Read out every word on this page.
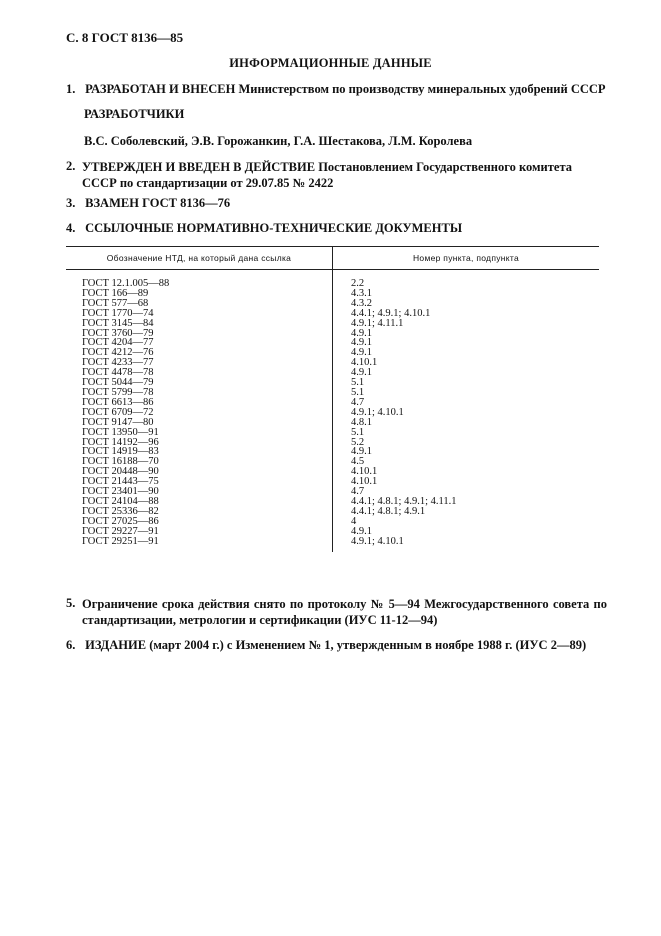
С. 8 ГОСТ 8136—85
ИНФОРМАЦИОННЫЕ ДАННЫЕ
1. РАЗРАБОТАН И ВНЕСЕН Министерством по производству минеральных удобрений СССР
РАЗРАБОТЧИКИ
В.С. Соболевский, Э.В. Горожанкин, Г.А. Шестакова, Л.М. Королева
2. УТВЕРЖДЕН И ВВЕДЕН В ДЕЙСТВИЕ Постановлением Государственного комитета СССР по стандартизации от 29.07.85 № 2422
3. ВЗАМЕН ГОСТ 8136—76
4. ССЫЛОЧНЫЕ НОРМАТИВНО-ТЕХНИЧЕСКИЕ ДОКУМЕНТЫ
Обозначение НТД, на который дана ссылка	Номер пункта, подпункта
ГОСТ 12.1.005—88	2.2
ГОСТ 166—89	4.3.1
ГОСТ 577—68	4.3.2
ГОСТ 1770—74	4.4.1; 4.9.1; 4.10.1
ГОСТ 3145—84	4.9.1; 4.11.1
ГОСТ 3760—79	4.9.1
ГОСТ 4204—77	4.9.1
ГОСТ 4212—76	4.9.1
ГОСТ 4233—77	4.10.1
ГОСТ 4478—78	4.9.1
ГОСТ 5044—79	5.1
ГОСТ 5799—78	5.1
ГОСТ 6613—86	4.7
ГОСТ 6709—72	4.9.1; 4.10.1
ГОСТ 9147—80	4.8.1
ГОСТ 13950—91	5.1
ГОСТ 14192—96	5.2
ГОСТ 14919—83	4.9.1
ГОСТ 16188—70	4.5
ГОСТ 20448—90	4.10.1
ГОСТ 21443—75	4.10.1
ГОСТ 23401—90	4.7
ГОСТ 24104—88	4.4.1; 4.8.1; 4.9.1; 4.11.1
ГОСТ 25336—82	4.4.1; 4.8.1; 4.9.1
ГОСТ 27025—86	4
ГОСТ 29227—91	4.9.1
ГОСТ 29251—91	4.9.1; 4.10.1
5. Ограничение срока действия снято по протоколу № 5—94 Межгосударственного совета по стандартизации, метрологии и сертификации (ИУС 11-12—94)
6. ИЗДАНИЕ (март 2004 г.) с Изменением № 1, утвержденным в ноябре 1988 г. (ИУС 2—89)
